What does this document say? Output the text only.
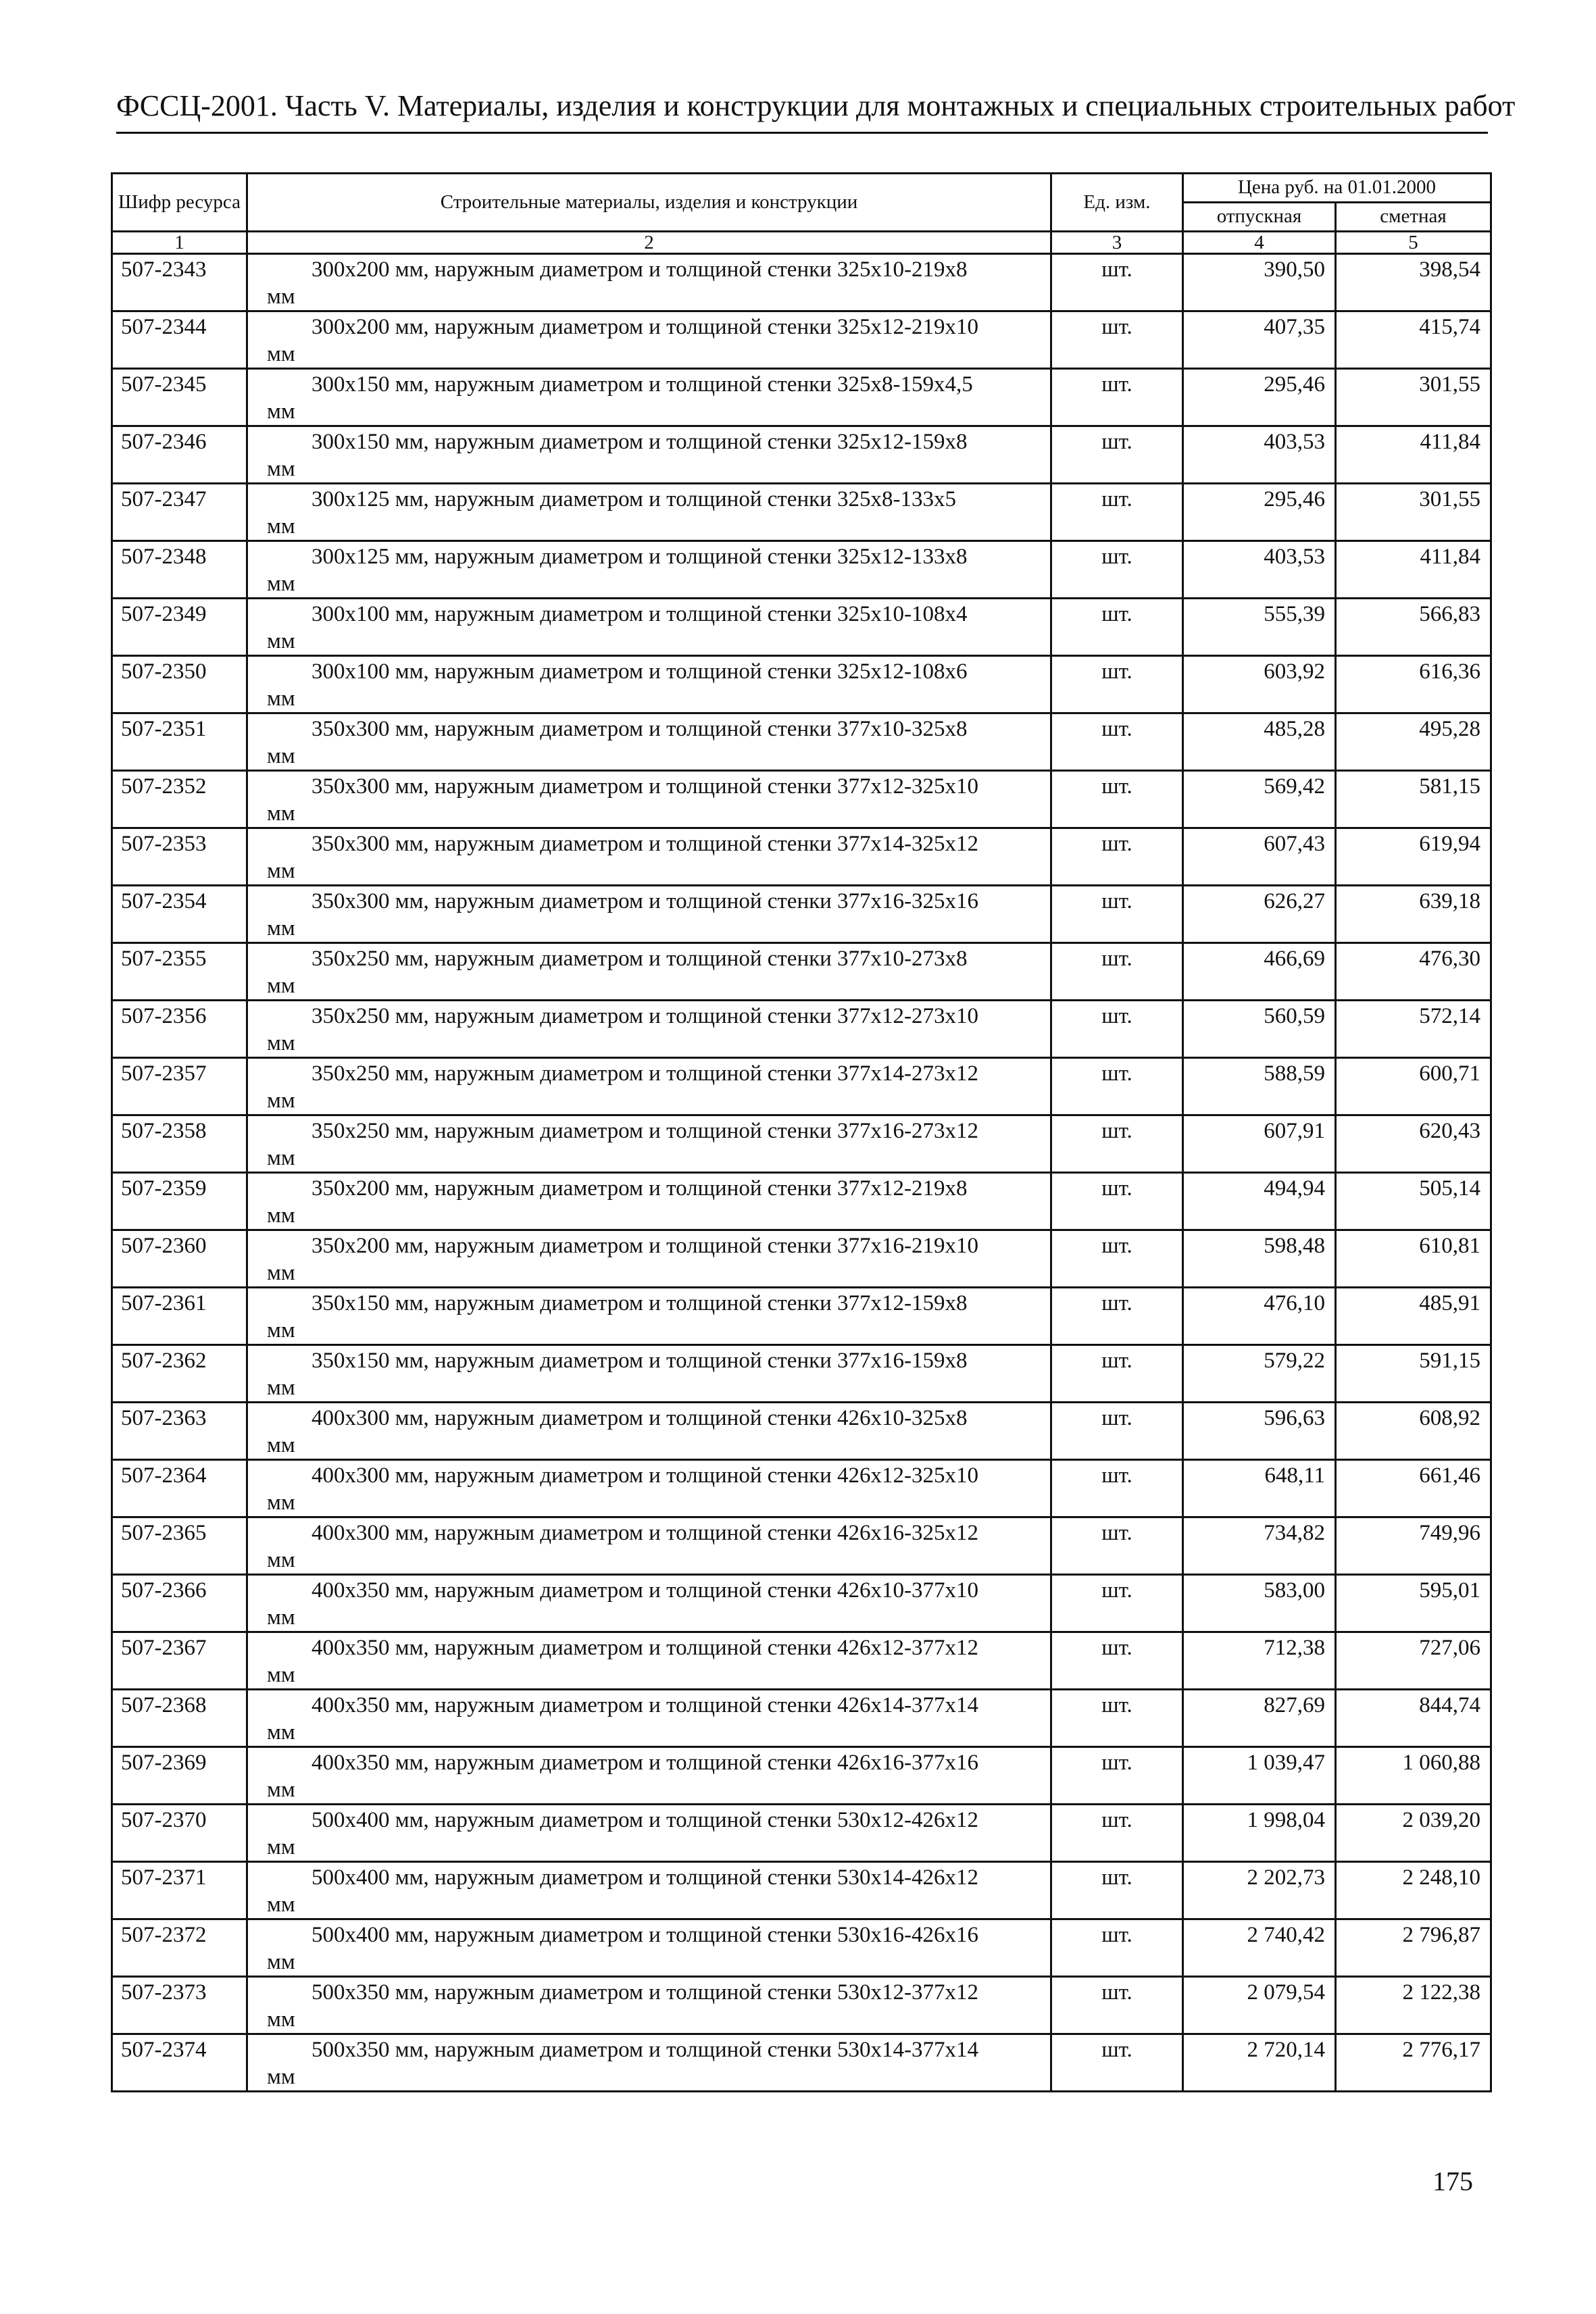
ФССЦ-2001. Часть V. Материалы, изделия и конструкции для монтажных и специальных строительных работ
Шифр ресурса	Строительные материалы, изделия и конструкции	Ед. изм.	Цена руб. на 01.01.2000	
			отпускная	сметная
1	2	3	4	5
507-2343	300х200 мм, наружным диаметром и толщиной стенки 325х10-219х8
мм	шт.	390,50	398,54
507-2344	300х200 мм, наружным диаметром и толщиной стенки 325х12-219х10
мм	шт.	407,35	415,74
507-2345	300х150 мм, наружным диаметром и толщиной стенки 325х8-159х4,5
мм	шт.	295,46	301,55
507-2346	300х150 мм, наружным диаметром и толщиной стенки 325х12-159х8
мм	шт.	403,53	411,84
507-2347	300х125 мм, наружным диаметром и толщиной стенки 325х8-133х5
мм	шт.	295,46	301,55
507-2348	300х125 мм, наружным диаметром и толщиной стенки 325х12-133х8
мм	шт.	403,53	411,84
507-2349	300х100 мм, наружным диаметром и толщиной стенки 325х10-108х4
мм	шт.	555,39	566,83
507-2350	300х100 мм, наружным диаметром и толщиной стенки 325х12-108х6
мм	шт.	603,92	616,36
507-2351	350х300 мм, наружным диаметром и толщиной стенки 377х10-325х8
мм	шт.	485,28	495,28
507-2352	350х300 мм, наружным диаметром и толщиной стенки 377х12-325х10
мм	шт.	569,42	581,15
507-2353	350х300 мм, наружным диаметром и толщиной стенки 377х14-325х12
мм	шт.	607,43	619,94
507-2354	350х300 мм, наружным диаметром и толщиной стенки 377х16-325х16
мм	шт.	626,27	639,18
507-2355	350х250 мм, наружным диаметром и толщиной стенки 377х10-273х8
мм	шт.	466,69	476,30
507-2356	350х250 мм, наружным диаметром и толщиной стенки 377х12-273х10
мм	шт.	560,59	572,14
507-2357	350х250 мм, наружным диаметром и толщиной стенки 377х14-273х12
мм	шт.	588,59	600,71
507-2358	350х250 мм, наружным диаметром и толщиной стенки 377х16-273х12
мм	шт.	607,91	620,43
507-2359	350х200 мм, наружным диаметром и толщиной стенки 377х12-219х8
мм	шт.	494,94	505,14
507-2360	350х200 мм, наружным диаметром и толщиной стенки 377х16-219х10
мм	шт.	598,48	610,81
507-2361	350х150 мм, наружным диаметром и толщиной стенки 377х12-159х8
мм	шт.	476,10	485,91
507-2362	350х150 мм, наружным диаметром и толщиной стенки 377х16-159х8
мм	шт.	579,22	591,15
507-2363	400х300 мм, наружным диаметром и толщиной стенки 426х10-325х8
мм	шт.	596,63	608,92
507-2364	400х300 мм, наружным диаметром и толщиной стенки 426х12-325х10
мм	шт.	648,11	661,46
507-2365	400х300 мм, наружным диаметром и толщиной стенки 426х16-325х12
мм	шт.	734,82	749,96
507-2366	400х350 мм, наружным диаметром и толщиной стенки 426х10-377х10
мм	шт.	583,00	595,01
507-2367	400х350 мм, наружным диаметром и толщиной стенки 426х12-377х12
мм	шт.	712,38	727,06
507-2368	400х350 мм, наружным диаметром и толщиной стенки 426х14-377х14
мм	шт.	827,69	844,74
507-2369	400х350 мм, наружным диаметром и толщиной стенки 426х16-377х16
мм	шт.	1 039,47	1 060,88
507-2370	500х400 мм, наружным диаметром и толщиной стенки 530х12-426х12
мм	шт.	1 998,04	2 039,20
507-2371	500х400 мм, наружным диаметром и толщиной стенки 530х14-426х12
мм	шт.	2 202,73	2 248,10
507-2372	500х400 мм, наружным диаметром и толщиной стенки 530х16-426х16
мм	шт.	2 740,42	2 796,87
507-2373	500х350 мм, наружным диаметром и толщиной стенки 530х12-377х12
мм	шт.	2 079,54	2 122,38
507-2374	500х350 мм, наружным диаметром и толщиной стенки 530х14-377х14
мм	шт.	2 720,14	2 776,17
175
